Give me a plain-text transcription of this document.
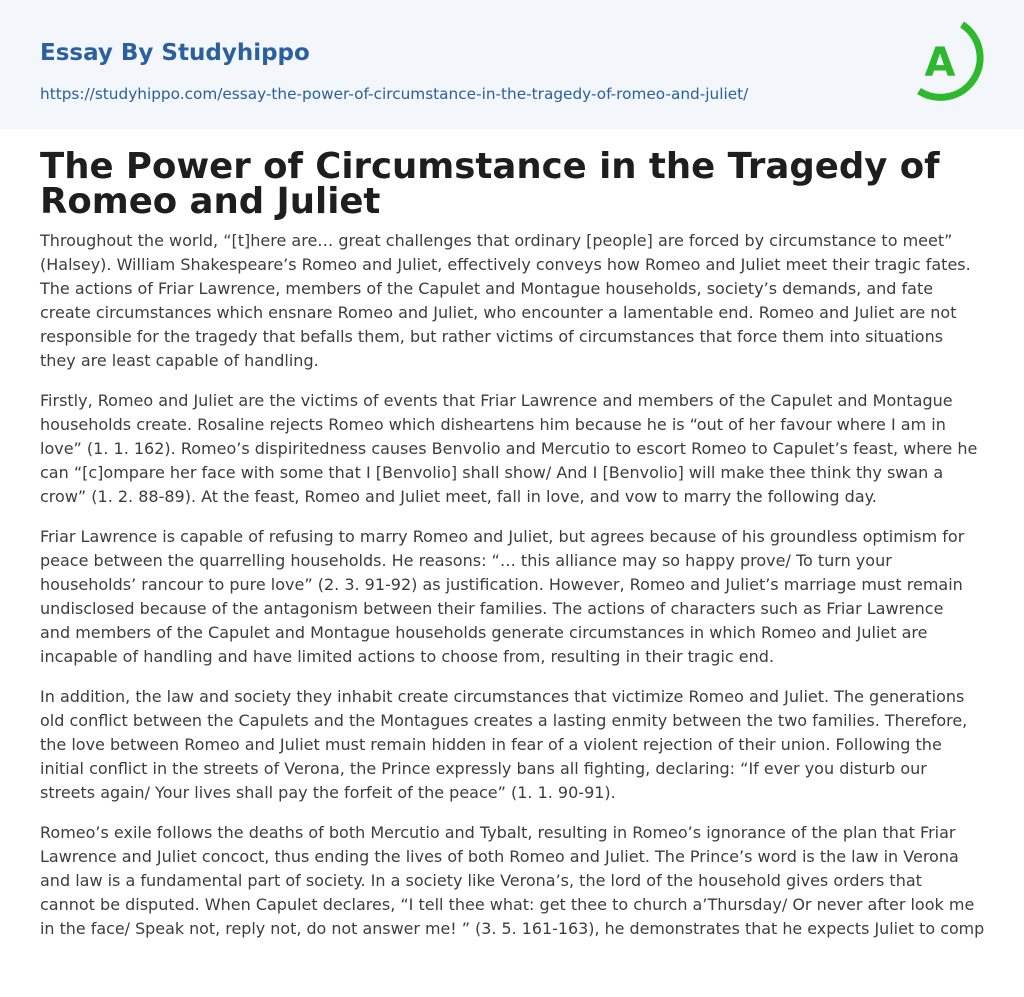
Essay By Studyhippo
https://studyhippo.com/essay-the-power-of-circumstance-in-the-tragedy-of-romeo-and-juliet/
A
The Power of Circumstance in the Tragedy of Romeo and Juliet

Throughout the world, “[t]here are… great challenges that ordinary [people] are forced by circumstance to meet”
(Halsey). William Shakespeare’s Romeo and Juliet, effectively conveys how Romeo and Juliet meet their tragic fates.
The actions of Friar Lawrence, members of the Capulet and Montague households, society’s demands, and fate
create circumstances which ensnare Romeo and Juliet, who encounter a lamentable end. Romeo and Juliet are not
responsible for the tragedy that befalls them, but rather victims of circumstances that force them into situations
they are least capable of handling.

Firstly, Romeo and Juliet are the victims of events that Friar Lawrence and members of the Capulet and Montague
households create. Rosaline rejects Romeo which disheartens him because he is “out of her favour where I am in
love” (1. 1. 162). Romeo’s dispiritedness causes Benvolio and Mercutio to escort Romeo to Capulet’s feast, where he
can “[c]ompare her face with some that I [Benvolio] shall show/ And I [Benvolio] will make thee think thy swan a
crow” (1. 2. 88-89). At the feast, Romeo and Juliet meet, fall in love, and vow to marry the following day.

Friar Lawrence is capable of refusing to marry Romeo and Juliet, but agrees because of his groundless optimism for
peace between the quarrelling households. He reasons: “… this alliance may so happy prove/ To turn your
households’ rancour to pure love” (2. 3. 91-92) as justification. However, Romeo and Juliet’s marriage must remain
undisclosed because of the antagonism between their families. The actions of characters such as Friar Lawrence
and members of the Capulet and Montague households generate circumstances in which Romeo and Juliet are
incapable of handling and have limited actions to choose from, resulting in their tragic end.

In addition, the law and society they inhabit create circumstances that victimize Romeo and Juliet. The generations
old conflict between the Capulets and the Montagues creates a lasting enmity between the two families. Therefore,
the love between Romeo and Juliet must remain hidden in fear of a violent rejection of their union. Following the
initial conflict in the streets of Verona, the Prince expressly bans all fighting, declaring: “If ever you disturb our
streets again/ Your lives shall pay the forfeit of the peace” (1. 1. 90-91).

Romeo’s exile follows the deaths of both Mercutio and Tybalt, resulting in Romeo’s ignorance of the plan that Friar
Lawrence and Juliet concoct, thus ending the lives of both Romeo and Juliet. The Prince’s word is the law in Verona
and law is a fundamental part of society. In a society like Verona’s, the lord of the household gives orders that
cannot be disputed. When Capulet declares, “I tell thee what: get thee to church a’Thursday/ Or never after look me
in the face/ Speak not, reply not, do not answer me! ” (3. 5. 161-163), he demonstrates that he expects Juliet to comp
